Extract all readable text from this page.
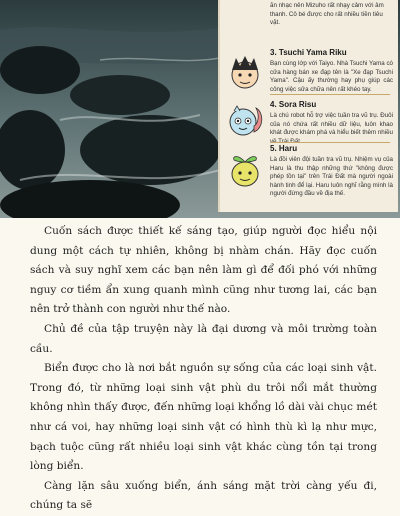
ăn nhạc nên Mizuho rất nhạy cảm với âm thanh. Cô bé được cho rất nhiều tiền tiêu vặt.
3. Tsuchi Yama Riku
Bạn cùng lớp với Taiyo. Nhà Tsuchi Yama có cửa hàng bán xe đạp tên là "Xe đạp Tsuchi Yama". Cậu ấy thường hay phụ giúp các công việc sửa chữa nên rất khéo tay.
4. Sora Risu
Là chú robot hỗ trợ việc tuần tra vũ trụ. Đuôi của nó chứa rất nhiều dữ liệu, luôn khao khát được khám phá và hiểu biết thêm nhiều
5. Haru
Là đồi viên đội tuần tra vũ trụ. Nhiệm vụ của Haru là thu thập những thứ "không được phép tồn tại" trên Trái Đất mà người ngoài hành tinh để lại. Haru luôn nghĩ rằng mình là người đứng đầu về địa thế.

Cuốn sách được thiết kế sáng tạo, giúp người đọc hiểu nội dung một cách tự nhiên, không bị nhàm chán. Hãy đọc cuốn sách và suy nghĩ xem các bạn nên làm gì để đối phó với những nguy cơ tiềm ẩn xung quanh mình cũng như tương lai, các bạn nên trở thành con người như thế nào.

Chủ đề của tập truyện này là đại dương và môi trường toàn cầu.

Biển được cho là nơi bắt nguồn sự sống của các loại sinh vật. Trong đó, từ những loại sinh vật phù du trôi nổi mắt thường không nhìn thấy được, đến những loại khổng lồ dài vài chục mét như cá voi, hay những loại sinh vật có hình thù kì lạ như mực, bạch tuộc cũng rất nhiều loại sinh vật khác cùng tồn tại trong lòng biển.

Càng lặn sâu xuống biển, ánh sáng mặt trời càng yếu đi, chúng ta sẽ
